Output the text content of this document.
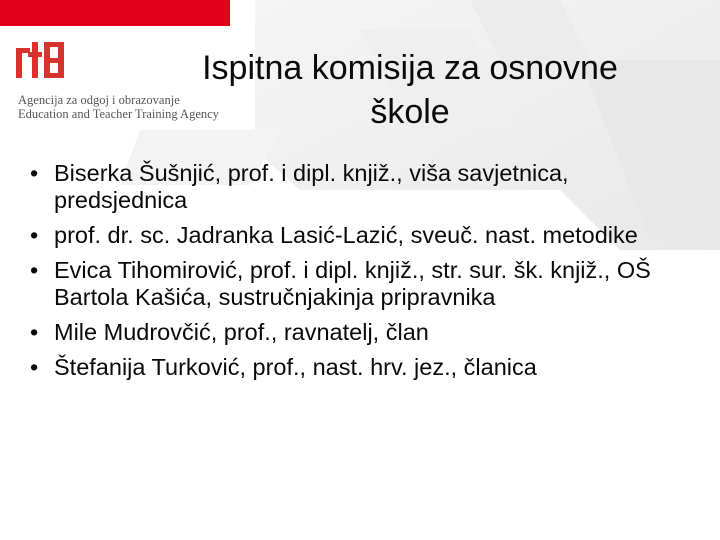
Agencija za odgoj i obrazovanje
Education and Teacher Training Agency
Ispitna komisija za osnovne
škole
• Biserka Šušnjić, prof. i dipl. knjiž., viša savjetnica, predsjednica
• prof. dr. sc. Jadranka Lasić-Lazić, sveuč. nast. metodike
• Evica Tihomirović, prof. i dipl. knjiž., str. sur. šk. knjiž., OŠ Bartola Kašića, sustručnjakinja pripravnika
• Mile Mudrovčić, prof., ravnatelj, član
• Štefanija Turković, prof., nast. hrv. jez., članica
